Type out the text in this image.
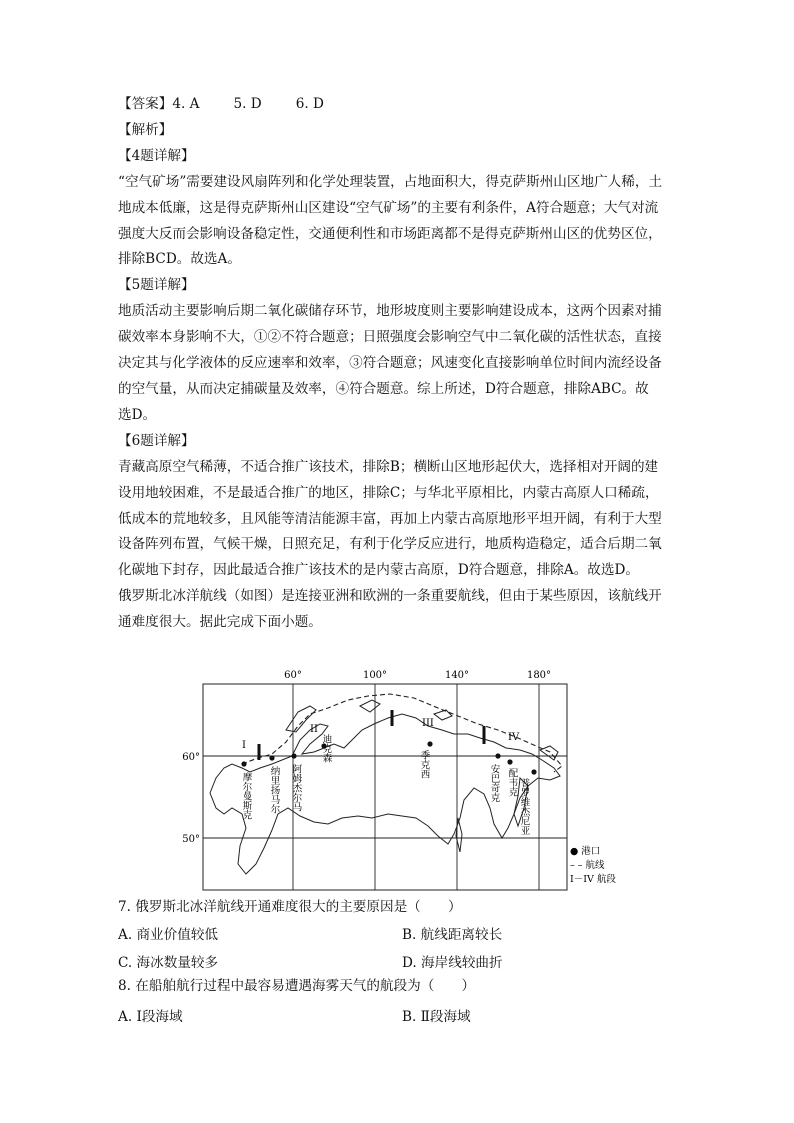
【答案】4. A	5. D	6. D
【解析】
【4题详解】
“空气矿场”需要建设风扇阵列和化学处理装置，占地面积大，得克萨斯州山区地广人稀，土
地成本低廉，这是得克萨斯州山区建设“空气矿场”的主要有利条件，A符合题意；大气对流
强度大反而会影响设备稳定性，交通便利性和市场距离都不是得克萨斯州山区的优势区位，
排除BCD。故选A。
【5题详解】
地质活动主要影响后期二氧化碳储存环节，地形坡度则主要影响建设成本，这两个因素对捕
碳效率本身影响不大，①②不符合题意；日照强度会影响空气中二氧化碳的活性状态，直接
决定其与化学液体的反应速率和效率，③符合题意；风速变化直接影响单位时间内流经设备
的空气量，从而决定捕碳量及效率，④符合题意。综上所述，D符合题意，排除ABC。故
选D。
【6题详解】
青藏高原空气稀薄，不适合推广该技术，排除B；横断山区地形起伏大，选择相对开阔的建
设用地较困难，不是最适合推广的地区，排除C；与华北平原相比，内蒙古高原人口稀疏，
低成本的荒地较多，且风能等清洁能源丰富，再加上内蒙古高原地形平坦开阔，有利于大型
设备阵列布置，气候干燥，日照充足，有利于化学反应进行，地质构造稳定，适合后期二氧
化碳地下封存，因此最适合推广该技术的是内蒙古高原，D符合题意，排除A。故选D。
俄罗斯北冰洋航线（如图）是连接亚洲和欧洲的一条重要航线，但由于某些原因，该航线开
通难度很大。据此完成下面小题。
60°	100°	140°	180°
60°
50°
I
II
III
IV
摩尔曼斯克 纳里扬马尔 阿姆杰尔马
迪克森
季克西	安巴奇克 配韦克 普罗维杰尼亚
● 港口
– – 航线
I－IV 航段
7. 俄罗斯北冰洋航线开通难度很大的主要原因是（　　）
A. 商业价值较低	B. 航线距离较长
C. 海冰数量较多	D. 海岸线较曲折
8. 在船舶航行过程中最容易遭遇海雾天气的航段为（　　）
A. Ⅰ段海域	B. Ⅱ段海域
